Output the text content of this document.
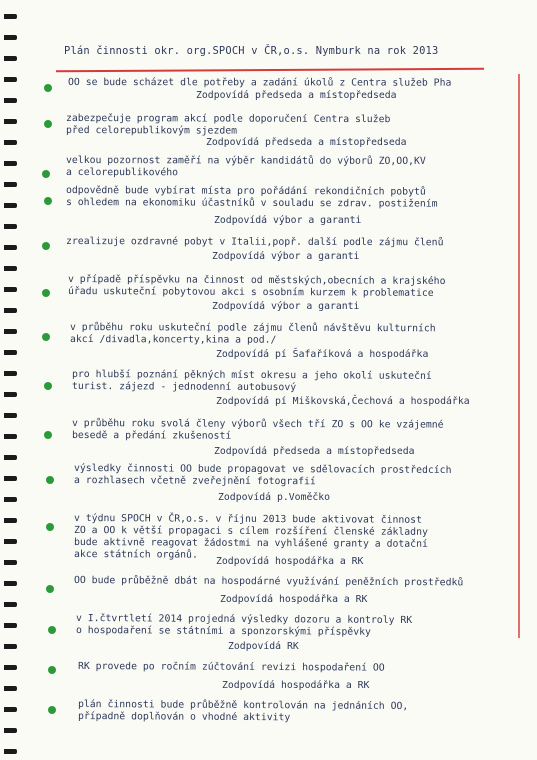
Plán činnosti okr. org.SPOCH v ČR,o.s. Nymburk na rok 2013
OO se bude scházet dle potřeby a zadání úkolů z Centra služeb Pha
Zodpovídá předseda a místopředseda
zabezpečuje program akcí podle doporučení Centra služeb
před celorepublikovým sjezdem
Zodpovídá předseda a místopředseda
velkou pozornost zaměří na výběr kandidátů do výborů ZO,OO,KV
a celorepublikového
odpovědně bude vybírat místa pro pořádání rekondičních pobytů
s ohledem na ekonomiku účastníků v souladu se zdrav. postižením
Zodpovídá výbor a garanti
zrealizuje ozdravné pobyt v Italii,popř. další podle zájmu členů
Zodpovídá výbor a garanti
v případě příspěvku na činnost od městských,obecních a krajského
úřadu uskuteční pobytovou akci s osobním kurzem k problematice
Zodpovídá výbor a garanti
v průběhu roku uskuteční podle zájmu členů návštěvu kulturních
akcí /divadla,koncerty,kina a pod./
Zodpovídá pí Šafaříková a hospodářka
pro hlubší poznání pěkných míst okresu a jeho okolí uskuteční
turist. zájezd - jednodenní autobusový
Zodpovídá pí Miškovská,Čechová a hospodářka
v průběhu roku svolá členy výborů všech tří ZO s OO ke vzájemné
besedě a předání zkušeností
Zodpovídá předseda a místopředseda
výsledky činnosti OO bude propagovat ve sdělovacích prostředcích
a rozhlasech včetně zveřejnění fotografií
Zodpovídá p.Voměčko
v týdnu SPOCH v ČR,o.s. v říjnu 2013 bude aktivovat činnost
ZO a OO k větší propagaci s cílem rozšíření členské základny
bude aktivně reagovat žádostmi na vyhlášené granty a dotační
akce státních orgánů.
Zodpovídá hospodářka a RK
OO bude průběžně dbát na hospodárné využívání peněžních prostředků
Zodpovídá hospodářka a RK
v I.čtvrtletí 2014 projedná výsledky dozoru a kontroly RK
o hospodaření se státními a sponzorskými příspěvky
Zodpovídá RK
RK provede po ročním zúčtování revizi hospodaření OO
Zodpovídá hospodářka a RK
plán činnosti bude průběžně kontrolován na jednáních OO,
případně doplňován o vhodné aktivity
